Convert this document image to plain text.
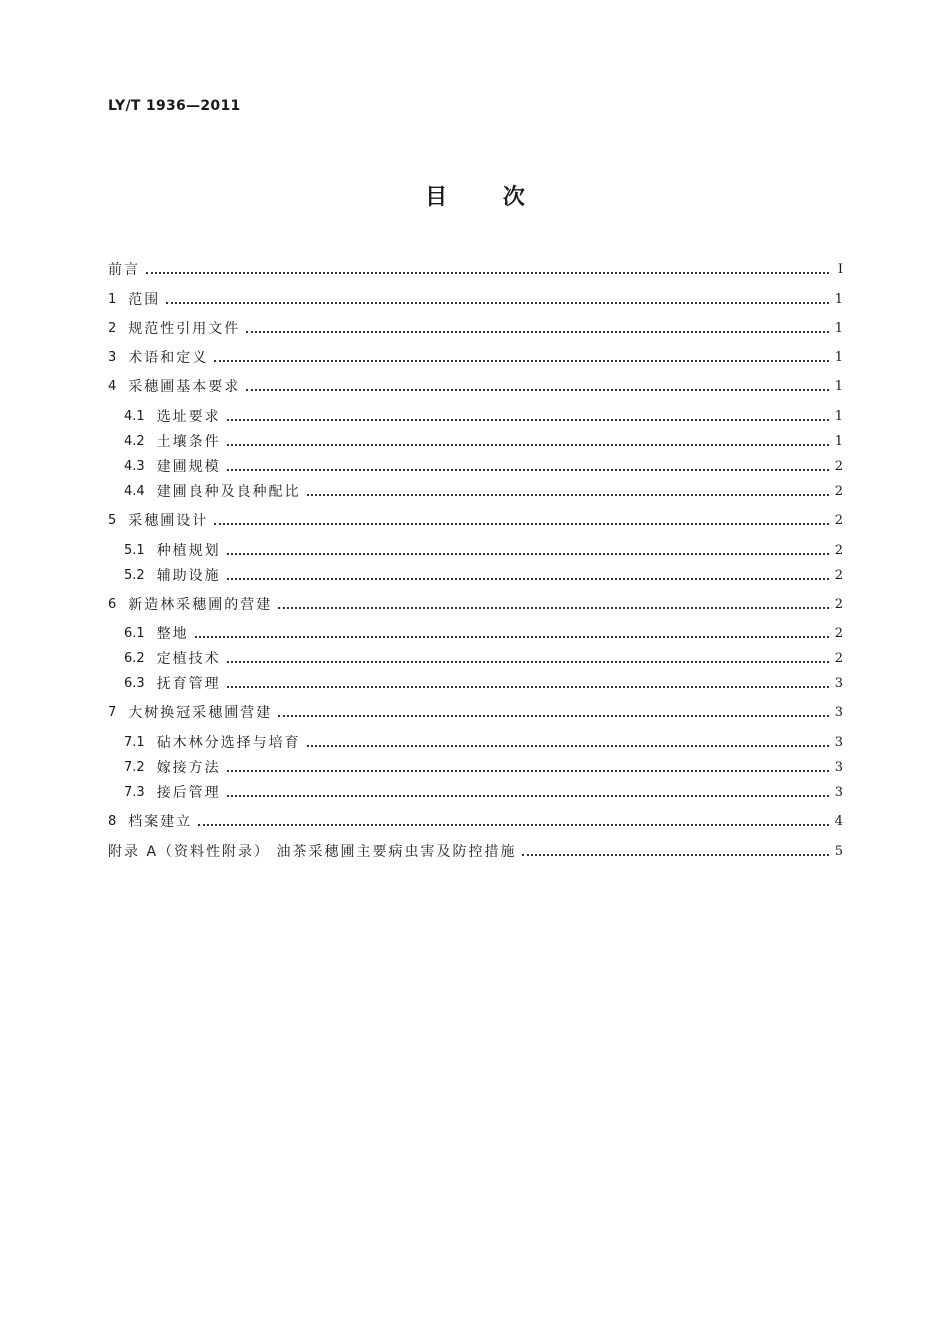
LY/T 1936—2011
目 次
前言	Ⅰ
1 范围	1
2 规范性引用文件	1
3 术语和定义	1
4 采穗圃基本要求	1
4.1 选址要求	1
4.2 土壤条件	1
4.3 建圃规模	2
4.4 建圃良种及良种配比	2
5 采穗圃设计	2
5.1 种植规划	2
5.2 辅助设施	2
6 新造林采穗圃的营建	2
6.1 整地	2
6.2 定植技术	2
6.3 抚育管理	3
7 大树换冠采穗圃营建	3
7.1 砧木林分选择与培育	3
7.2 嫁接方法	3
7.3 接后管理	3
8 档案建立	4
附录 A（资料性附录） 油茶采穗圃主要病虫害及防控措施	5
